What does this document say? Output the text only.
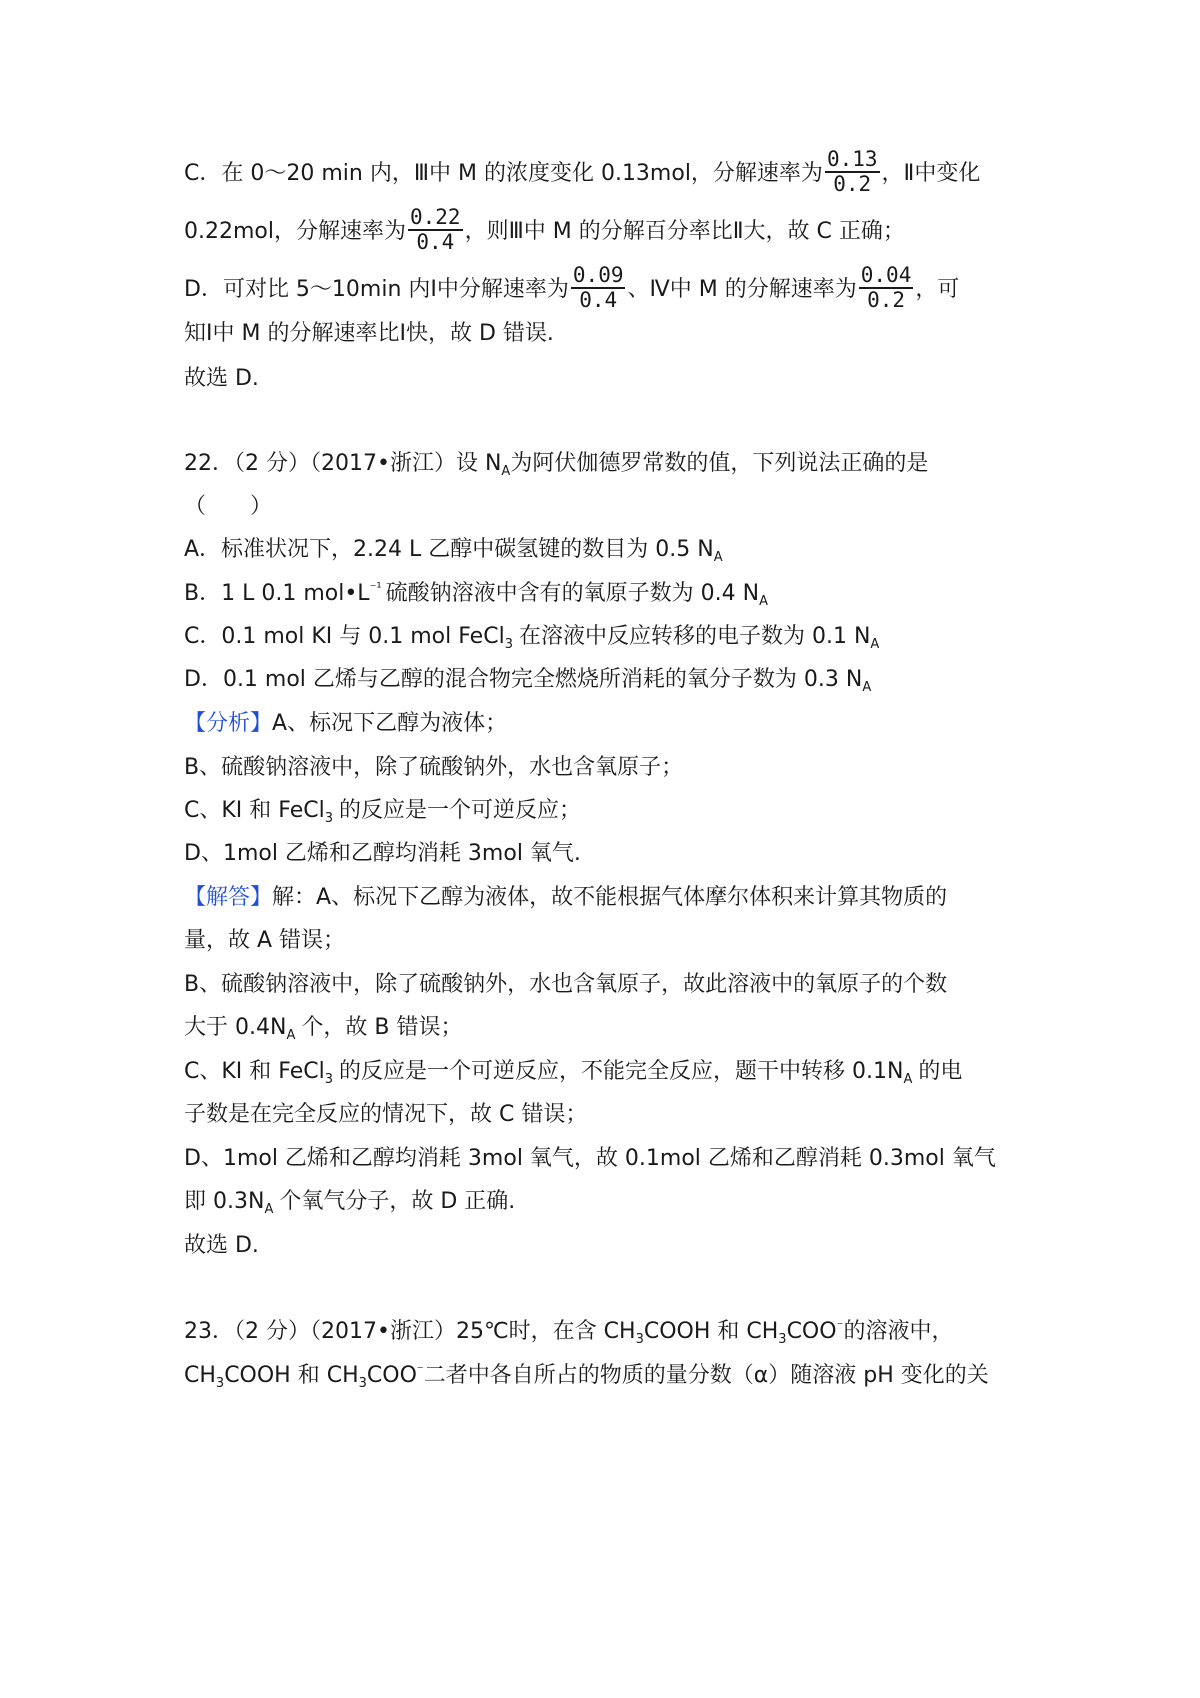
C．在 0～20 min 内，Ⅲ中 M 的浓度变化 0.13mol，分解速率为 $\frac{0.13}{0.2}$ ，Ⅱ中变化
0.22mol，分解速率为 $\frac{0.22}{0.4}$ ，则Ⅲ中 M 的分解百分率比Ⅱ大，故 C 正确；
D．可对比 5～10min 内Ⅰ中分解速率为 $\frac{0.09}{0.4}$ 、Ⅳ中 M 的分解速率为 $\frac{0.04}{0.2}$ ，可
知Ⅰ中 M 的分解速率比Ⅰ快，故 D 错误.
故选 D.
22．（2 分）（2017•浙江）设 $N_A$为阿伏伽德罗常数的值，下列说法正确的是
（　　）
A．标准状况下，2.24 L 乙醇中碳氢键的数目为 0.5 $N_A$
B．1 L 0.1 $mol•L^{^{-1}}$ 硫酸钠溶液中含有的氧原子数为 0.4 $N_A$
C．0.1 mol KI 与 0.1 mol FeCl$_3$ 在溶液中反应转移的电子数为 0.1 $N_A$
D．0.1 mol 乙烯与乙醇的混合物完全燃烧所消耗的氧分子数为 0.3 $N_A$
【分析】A、标况下乙醇为液体；
B、硫酸钠溶液中，除了硫酸钠外，水也含氧原子；
C、KI 和 FeCl$_3$ 的反应是一个可逆反应；
D、1mol 乙烯和乙醇均消耗 3mol 氧气.
【解答】解：A、标况下乙醇为液体，故不能根据气体摩尔体积来计算其物质的
量，故 A 错误；
B、硫酸钠溶液中，除了硫酸钠外，水也含氧原子，故此溶液中的氧原子的个数
大于 $0.4N_A$ 个，故 B 错误；
C、KI 和 FeCl$_3$ 的反应是一个可逆反应，不能完全反应，题干中转移 $0.1N_A$ 的电
子数是在完全反应的情况下，故 C 错误；
D、1mol 乙烯和乙醇均消耗 3mol 氧气，故 0.1mol 乙烯和乙醇消耗 0.3mol 氧气
即 $0.3N_A$ 个氧气分子，故 D 正确.
故选 D.
23．（2 分）（2017•浙江）25℃时，在含 $CH_3COOH$ 和 $CH_3COO^{^-}$的溶液中，
$CH_3COOH$ 和 $CH_3COO^{^-}$二者中各自所占的物质的量分数（α）随溶液 pH 变化的关
